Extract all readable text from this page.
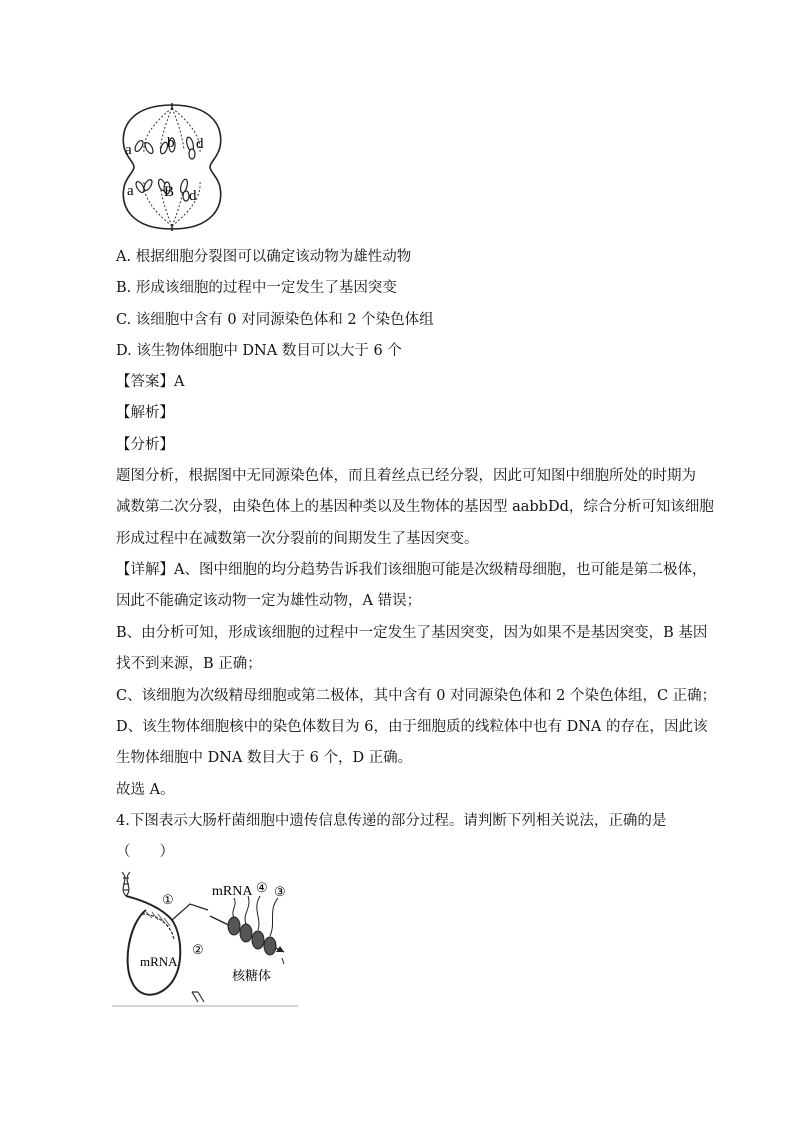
a b d
a B d
A. 根据细胞分裂图可以确定该动物为雄性动物
B. 形成该细胞的过程中一定发生了基因突变
C. 该细胞中含有 0 对同源染色体和 2 个染色体组
D. 该生物体细胞中 DNA 数目可以大于 6 个
【答案】A
【解析】
【分析】
题图分析，根据图中无同源染色体，而且着丝点已经分裂，因此可知图中细胞所处的时期为
减数第二次分裂，由染色体上的基因种类以及生物体的基因型 aabbDd，综合分析可知该细胞
形成过程中在减数第一次分裂前的间期发生了基因突变。
【详解】A、图中细胞的均分趋势告诉我们该细胞可能是次级精母细胞，也可能是第二极体，
因此不能确定该动物一定为雄性动物，A 错误；
B、由分析可知，形成该细胞的过程中一定发生了基因突变，因为如果不是基因突变，B 基因
找不到来源，B 正确；
C、该细胞为次级精母细胞或第二极体，其中含有 0 对同源染色体和 2 个染色体组，C 正确；
D、该生物体细胞核中的染色体数目为 6，由于细胞质的线粒体中也有 DNA 的存在，因此该
生物体细胞中 DNA 数目大于 6 个，D 正确。
故选 A。
4.下图表示大肠杆菌细胞中遗传信息传递的部分过程。请判断下列相关说法，正确的是
（　　）
mRNA
mRNA
①
②
③
④
核糖体
